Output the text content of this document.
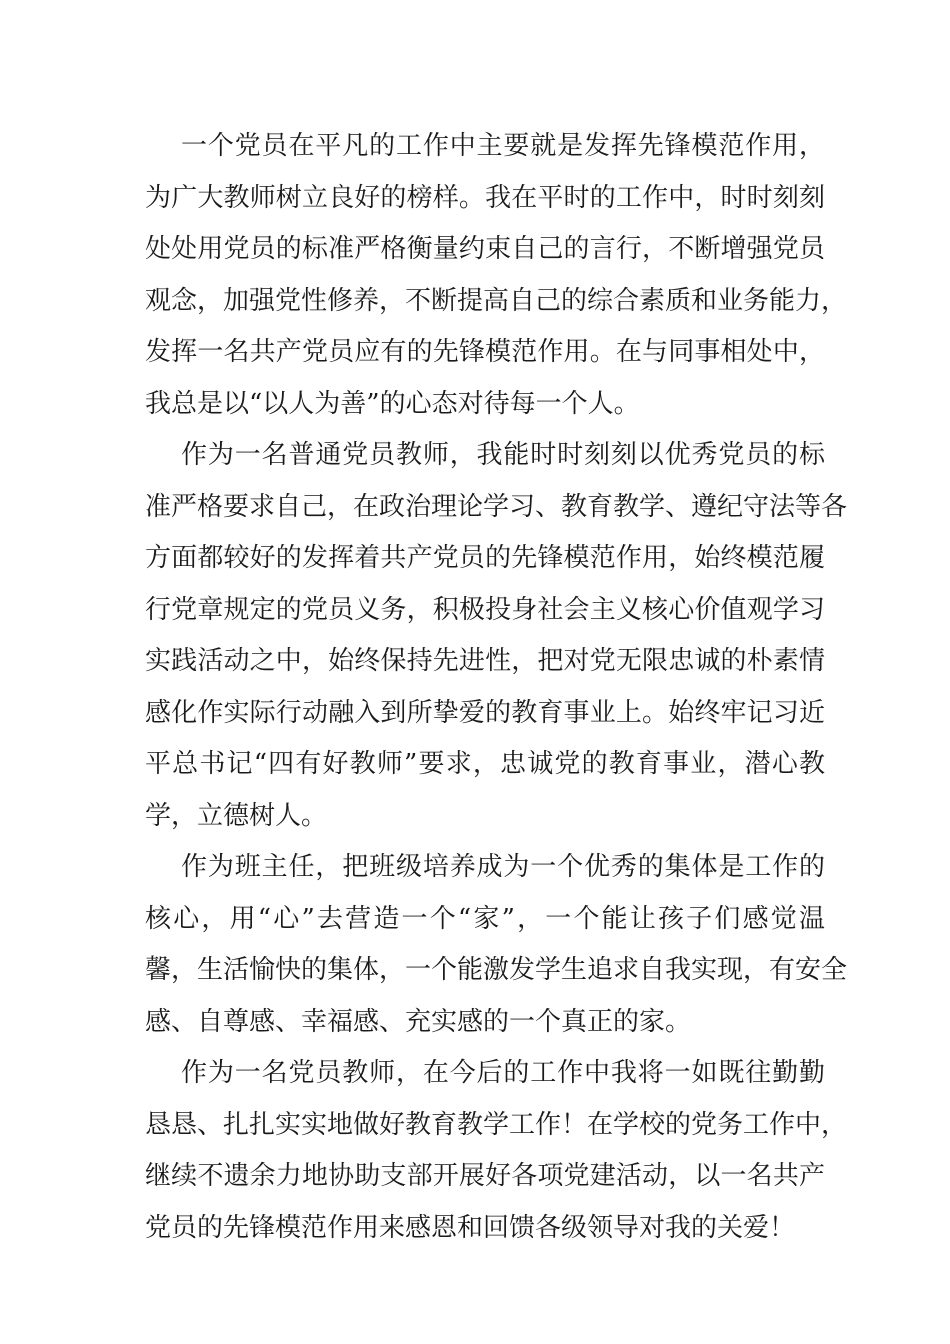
一个党员在平凡的工作中主要就是发挥先锋模范作用，
为广大教师树立良好的榜样。我在平时的工作中，时时刻刻
处处用党员的标准严格衡量约束自己的言行，不断增强党员
观念，加强党性修养，不断提高自己的综合素质和业务能力，
发挥一名共产党员应有的先锋模范作用。在与同事相处中，
我总是以“以人为善”的心态对待每一个人。

作为一名普通党员教师，我能时时刻刻以优秀党员的标
准严格要求自己，在政治理论学习、教育教学、遵纪守法等各
方面都较好的发挥着共产党员的先锋模范作用，始终模范履
行党章规定的党员义务，积极投身社会主义核心价值观学习
实践活动之中，始终保持先进性，把对党无限忠诚的朴素情
感化作实际行动融入到所挚爱的教育事业上。始终牢记习近
平总书记“四有好教师”要求，忠诚党的教育事业，潜心教
学，立德树人。

作为班主任，把班级培养成为一个优秀的集体是工作的
核心，用“心”去营造一个“家”，一个能让孩子们感觉温
馨，生活愉快的集体，一个能激发学生追求自我实现，有安全
感、自尊感、幸福感、充实感的一个真正的家。

作为一名党员教师，在今后的工作中我将一如既往勤勤
恳恳、扎扎实实地做好教育教学工作！在学校的党务工作中，
继续不遗余力地协助支部开展好各项党建活动，以一名共产
党员的先锋模范作用来感恩和回馈各级领导对我的关爱！
